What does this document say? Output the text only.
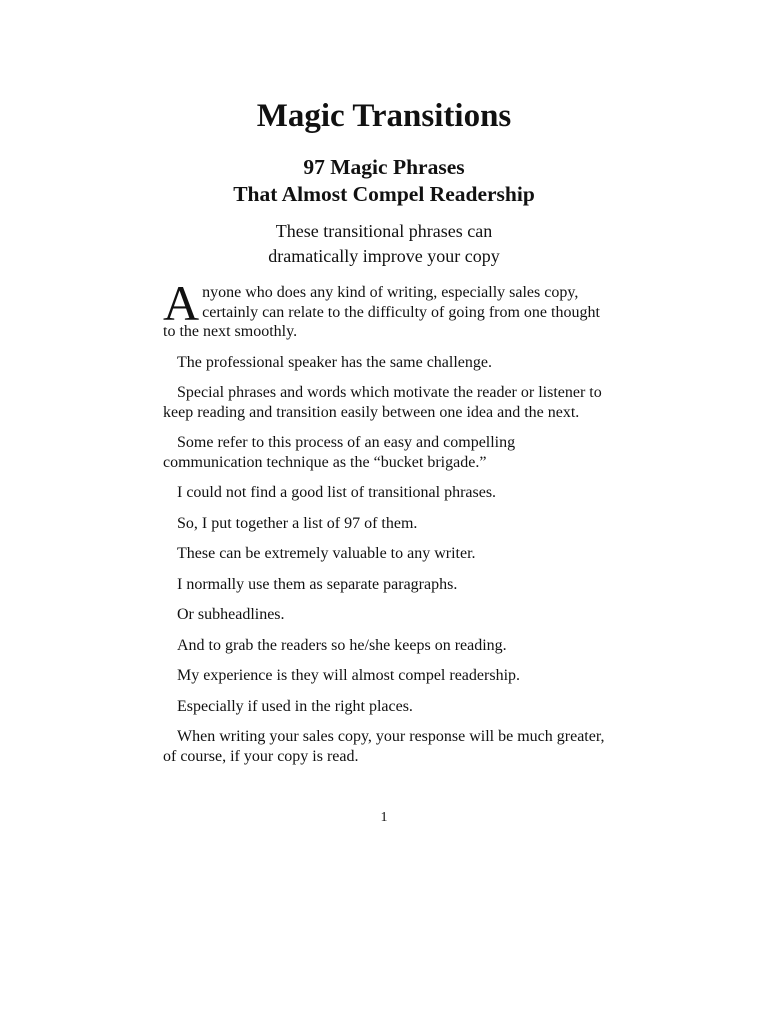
Magic Transitions
97 Magic Phrases
That Almost Compel Readership
These transitional phrases can
dramatically improve your copy

Anyone who does any kind of writing, especially sales copy, certainly can relate to the difficulty of going from one thought to the next smoothly.

The professional speaker has the same challenge.

Special phrases and words which motivate the reader or listener to keep reading and transition easily between one idea and the next.

Some refer to this process of an easy and compelling communication technique as the “bucket brigade.”

I could not find a good list of transitional phrases.

So, I put together a list of 97 of them.

These can be extremely valuable to any writer.

I normally use them as separate paragraphs.

Or subheadlines.

And to grab the readers so he/she keeps on reading.

My experience is they will almost compel readership.

Especially if used in the right places.

When writing your sales copy, your response will be much greater, of course, if your copy is read.

1
